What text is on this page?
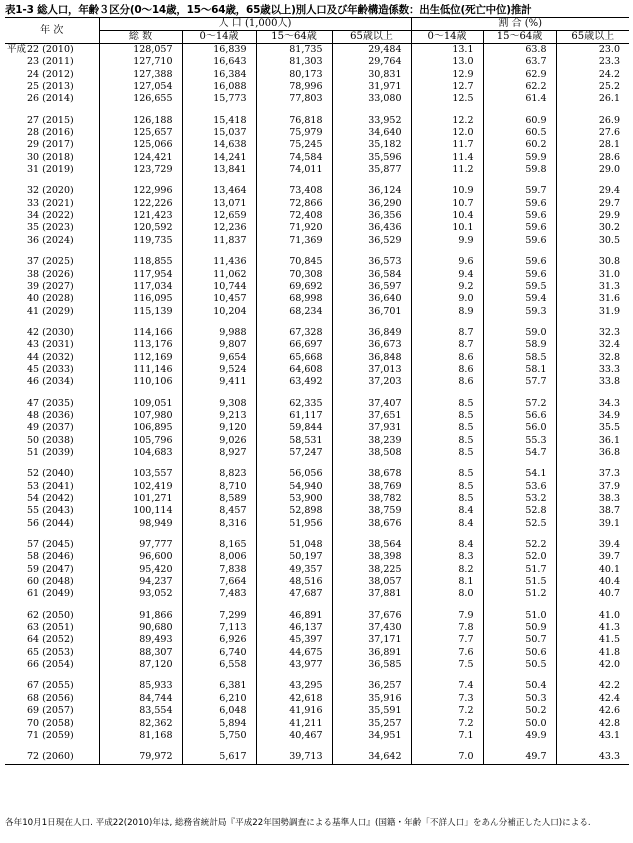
表1-3 総人口，年齢３区分(0～14歳，15～64歳，65歳以上)別人口及び年齢構造係数：出生低位(死亡中位)推計
年 次	人 口 (1,000人)				割 合 (%)		
	総 数	0～14歳	15～64歳	65歳以上	0～14歳	15～64歳	65歳以上
平成22 (2010)	128,057	16,839	81,735	29,484	13.1	63.8	23.0
23 (2011)	127,710	16,643	81,303	29,764	13.0	63.7	23.3
24 (2012)	127,388	16,384	80,173	30,831	12.9	62.9	24.2
25 (2013)	127,054	16,088	78,996	31,971	12.7	62.2	25.2
26 (2014)	126,655	15,773	77,803	33,080	12.5	61.4	26.1

27 (2015)	126,188	15,418	76,818	33,952	12.2	60.9	26.9
28 (2016)	125,657	15,037	75,979	34,640	12.0	60.5	27.6
29 (2017)	125,066	14,638	75,245	35,182	11.7	60.2	28.1
30 (2018)	124,421	14,241	74,584	35,596	11.4	59.9	28.6
31 (2019)	123,729	13,841	74,011	35,877	11.2	59.8	29.0

32 (2020)	122,996	13,464	73,408	36,124	10.9	59.7	29.4
33 (2021)	122,226	13,071	72,866	36,290	10.7	59.6	29.7
34 (2022)	121,423	12,659	72,408	36,356	10.4	59.6	29.9
35 (2023)	120,592	12,236	71,920	36,436	10.1	59.6	30.2
36 (2024)	119,735	11,837	71,369	36,529	9.9	59.6	30.5

37 (2025)	118,855	11,436	70,845	36,573	9.6	59.6	30.8
38 (2026)	117,954	11,062	70,308	36,584	9.4	59.6	31.0
39 (2027)	117,034	10,744	69,692	36,597	9.2	59.5	31.3
40 (2028)	116,095	10,457	68,998	36,640	9.0	59.4	31.6
41 (2029)	115,139	10,204	68,234	36,701	8.9	59.3	31.9

42 (2030)	114,166	9,988	67,328	36,849	8.7	59.0	32.3
43 (2031)	113,176	9,807	66,697	36,673	8.7	58.9	32.4
44 (2032)	112,169	9,654	65,668	36,848	8.6	58.5	32.8
45 (2033)	111,146	9,524	64,608	37,013	8.6	58.1	33.3
46 (2034)	110,106	9,411	63,492	37,203	8.6	57.7	33.8

47 (2035)	109,051	9,308	62,335	37,407	8.5	57.2	34.3
48 (2036)	107,980	9,213	61,117	37,651	8.5	56.6	34.9
49 (2037)	106,895	9,120	59,844	37,931	8.5	56.0	35.5
50 (2038)	105,796	9,026	58,531	38,239	8.5	55.3	36.1
51 (2039)	104,683	8,927	57,247	38,508	8.5	54.7	36.8

52 (2040)	103,557	8,823	56,056	38,678	8.5	54.1	37.3
53 (2041)	102,419	8,710	54,940	38,769	8.5	53.6	37.9
54 (2042)	101,271	8,589	53,900	38,782	8.5	53.2	38.3
55 (2043)	100,114	8,457	52,898	38,759	8.4	52.8	38.7
56 (2044)	98,949	8,316	51,956	38,676	8.4	52.5	39.1

57 (2045)	97,777	8,165	51,048	38,564	8.4	52.2	39.4
58 (2046)	96,600	8,006	50,197	38,398	8.3	52.0	39.7
59 (2047)	95,420	7,838	49,357	38,225	8.2	51.7	40.1
60 (2048)	94,237	7,664	48,516	38,057	8.1	51.5	40.4
61 (2049)	93,052	7,483	47,687	37,881	8.0	51.2	40.7

62 (2050)	91,866	7,299	46,891	37,676	7.9	51.0	41.0
63 (2051)	90,680	7,113	46,137	37,430	7.8	50.9	41.3
64 (2052)	89,493	6,926	45,397	37,171	7.7	50.7	41.5
65 (2053)	88,307	6,740	44,675	36,891	7.6	50.6	41.8
66 (2054)	87,120	6,558	43,977	36,585	7.5	50.5	42.0

67 (2055)	85,933	6,381	43,295	36,257	7.4	50.4	42.2
68 (2056)	84,744	6,210	42,618	35,916	7.3	50.3	42.4
69 (2057)	83,554	6,048	41,916	35,591	7.2	50.2	42.6
70 (2058)	82,362	5,894	41,211	35,257	7.2	50.0	42.8
71 (2059)	81,168	5,750	40,467	34,951	7.1	49.9	43.1

72 (2060)	79,972	5,617	39,713	34,642	7.0	49.7	43.3
各年10月1日現在人口. 平成22(2010)年は, 総務省統計局『平成22年国勢調査による基準人口』(国籍・年齢「不詳人口」をあん分補正した人口)による.
